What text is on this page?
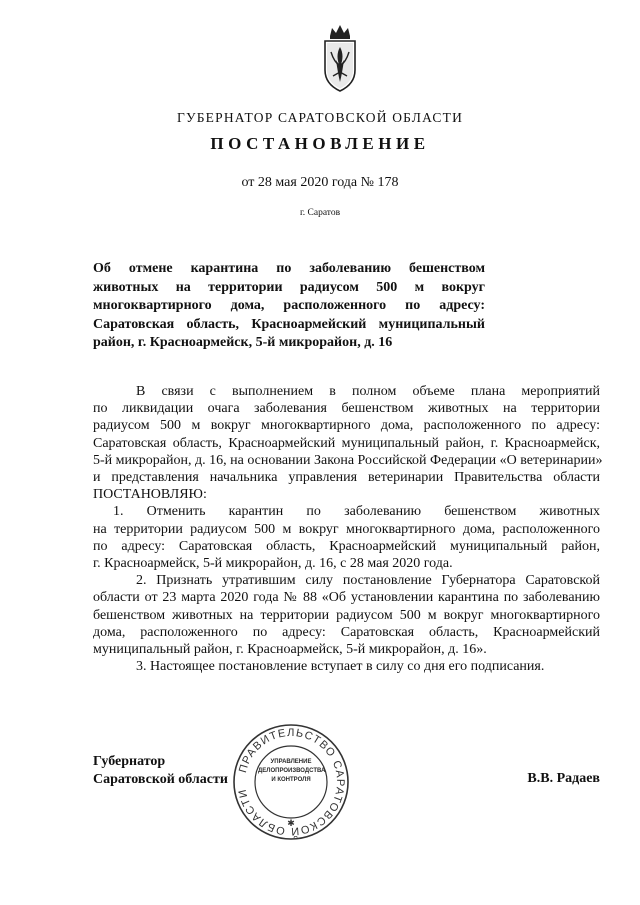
ГУБЕРНАТОР САРАТОВСКОЙ ОБЛАСТИ
ПОСТАНОВЛЕНИЕ
от 28 мая 2020 года № 178
г. Саратов
Об отмене карантина по заболеванию бешенством
животных на территории радиусом 500 м вокруг
многоквартирного дома, расположенного по адресу:
Саратовская область, Красноармейский муниципальный
район, г. Красноармейск, 5-й микрорайон, д. 16
В связи с выполнением в полном объеме плана мероприятий
по ликвидации очага заболевания бешенством животных на территории
радиусом 500 м вокруг многоквартирного дома, расположенного по адресу:
Саратовская область, Красноармейский муниципальный район, г. Красноармейск,
5-й микрорайон, д. 16, на основании Закона Российской Федерации «О ветеринарии»
и представления начальника управления ветеринарии Правительства области
ПОСТАНОВЛЯЮ:
1. Отменить карантин по заболеванию бешенством животных
на территории радиусом 500 м вокруг многоквартирного дома, расположенного
по адресу: Саратовская область, Красноармейский муниципальный район,
г. Красноармейск, 5-й микрорайон, д. 16, с 28 мая 2020 года.
2. Признать утратившим силу постановление Губернатора Саратовской
области от 23 марта 2020 года № 88 «Об установлении карантина по заболеванию
бешенством животных на территории радиусом 500 м вокруг многоквартирного
дома, расположенного по адресу: Саратовская область, Красноармейский
муниципальный район, г. Красноармейск, 5-й микрорайон, д. 16».
3. Настоящее постановление вступает в силу со дня его подписания.
Губернатор
Саратовской области	В.В. Радаев
ПРАВИТЕЛЬСТВО САРАТОВСКОЙ ОБЛАСТИ
✱
УПРАВЛЕНИЕ
ДЕЛОПРОИЗВОДСТВА
И КОНТРОЛЯ
